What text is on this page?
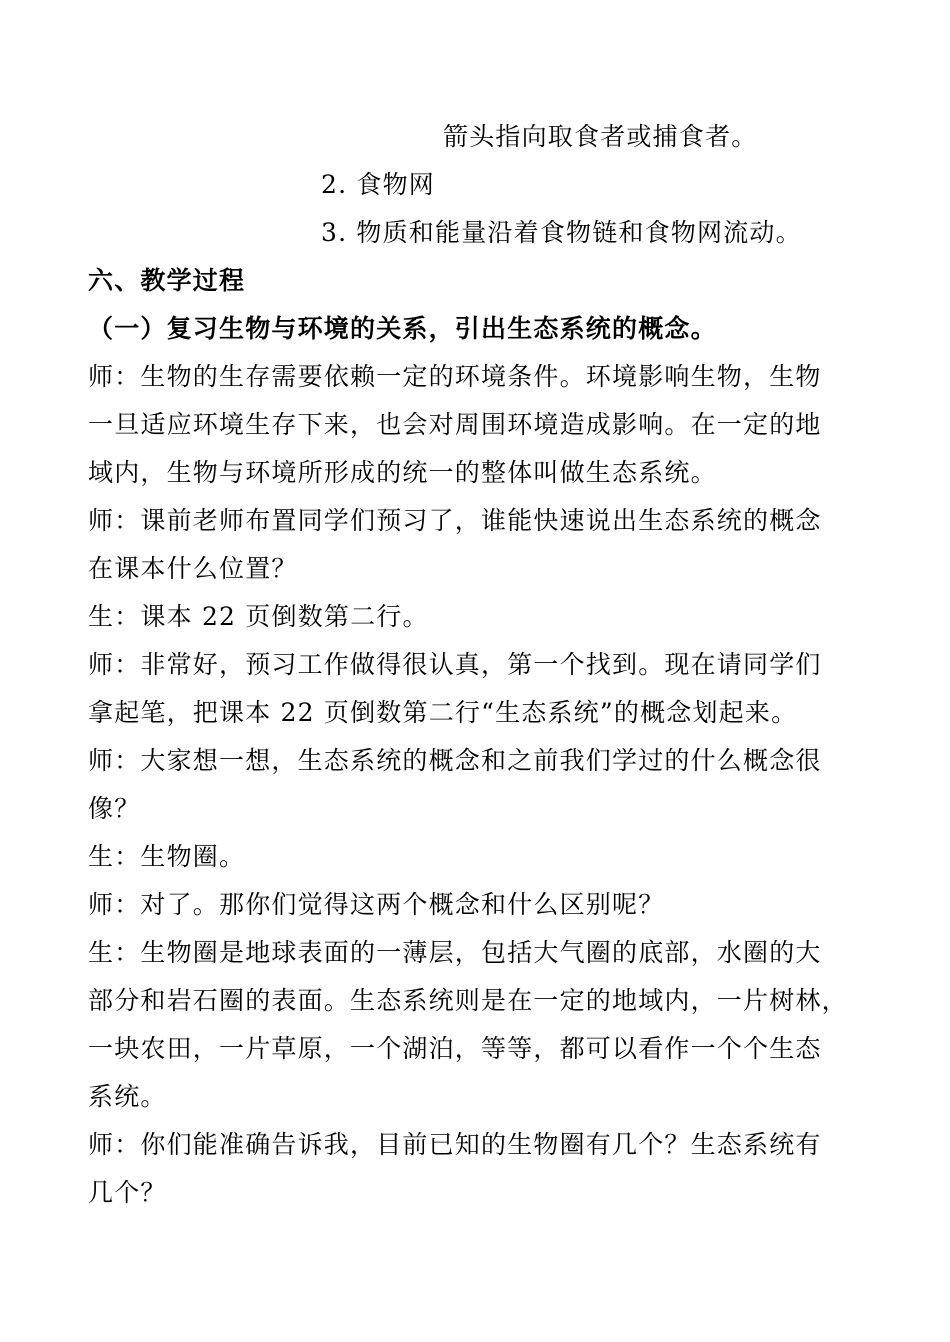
箭头指向取食者或捕食者。
2. 食物网
3. 物质和能量沿着食物链和食物网流动。
六、教学过程
（一）复习生物与环境的关系，引出生态系统的概念。
师：生物的生存需要依赖一定的环境条件。环境影响生物，生物
一旦适应环境生存下来，也会对周围环境造成影响。在一定的地
域内，生物与环境所形成的统一的整体叫做生态系统。
师：课前老师布置同学们预习了，谁能快速说出生态系统的概念
在课本什么位置？
生：课本 22 页倒数第二行。
师：非常好，预习工作做得很认真，第一个找到。现在请同学们
拿起笔，把课本 22 页倒数第二行“生态系统”的概念划起来。
师：大家想一想，生态系统的概念和之前我们学过的什么概念很
像？
生：生物圈。
师：对了。那你们觉得这两个概念和什么区别呢？
生：生物圈是地球表面的一薄层，包括大气圈的底部，水圈的大
部分和岩石圈的表面。生态系统则是在一定的地域内，一片树林，
一块农田，一片草原，一个湖泊，等等，都可以看作一个个生态
系统。
师：你们能准确告诉我，目前已知的生物圈有几个？生态系统有
几个？
